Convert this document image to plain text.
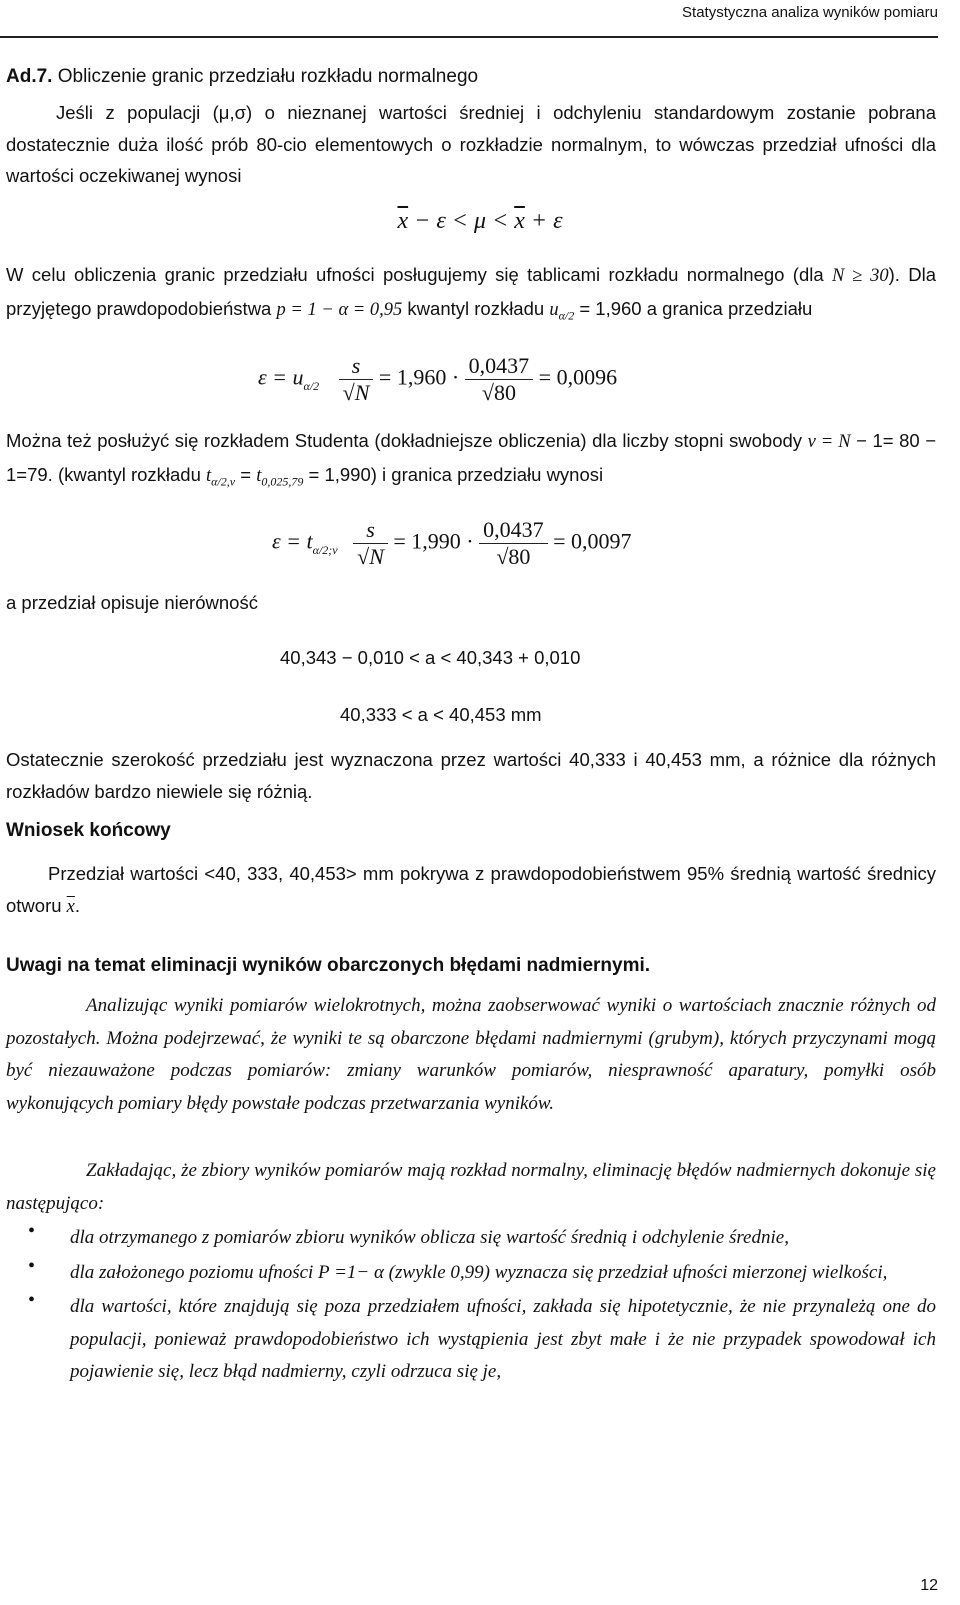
Statystyczna analiza wyników pomiaru
Ad.7. Obliczenie granic przedziału rozkładu normalnego
Jeśli z populacji (μ,σ) o nieznanej wartości średniej i odchyleniu standardowym zostanie pobrana dostatecznie duża ilość prób 80-cio elementowych o rozkładzie normalnym, to wówczas przedział ufności dla wartości oczekiwanej wynosi
$\overline{x} - \varepsilon < \mu < \overline{x} + \varepsilon$
W celu obliczenia granic przedziału ufności posługujemy się tablicami rozkładu normalnego (dla N ≥ 30). Dla przyjętego prawdopodobieństwa p = 1 − α = 0,95 kwantyl rozkładu $u_{\alpha/2} = 1,960$ a granica przedziału
$\varepsilon = u_{\alpha/2} \frac{s}{√N} = 1,960 \cdot \frac{0,0437}{√80} = 0,0096$
Można też posłużyć się rozkładem Studenta (dokładniejsze obliczenia) dla liczby stopni swobody ν = N − 1= 80 − 1=79. (kwantyl rozkładu $t_{\alpha/2,\nu} = t_{0,025,79} = 1,990$) i granica przedziału wynosi
$\varepsilon = t_{\alpha/2;\nu} \frac{s}{√N} = 1,990 \cdot \frac{0,0437}{√80} = 0,0097$
a przedział opisuje nierówność
40,343 − 0,010 < a < 40,343 + 0,010
40,333 < a < 40,453 mm
Ostatecznie szerokość przedziału jest wyznaczona przez wartości 40,333 i 40,453 mm, a różnice dla różnych rozkładów bardzo niewiele się różnią.
Wniosek końcowy
Przedział wartości <40, 333, 40,453> mm pokrywa z prawdopodobieństwem 95% średnią wartość średnicy otworu $\overline{x}$.
Uwagi na temat eliminacji wyników obarczonych błędami nadmiernymi.
Analizując wyniki pomiarów wielokrotnych, można zaobserwować wyniki o wartościach znacznie różnych od pozostałych. Można podejrzewać, że wyniki te są obarczone błędami nadmiernymi (grubym), których przyczynami mogą być niezauważone podczas pomiarów: zmiany warunków pomiarów, niesprawność aparatury, pomyłki osób wykonujących pomiary błędy powstałe podczas przetwarzania wyników.
Zakładając, że zbiory wyników pomiarów mają rozkład normalny, eliminację błędów nadmiernych dokonuje się następująco:
• dla otrzymanego z pomiarów zbioru wyników oblicza się wartość średnią i odchylenie średnie,
• dla założonego poziomu ufności P =1− α (zwykle 0,99) wyznacza się przedział ufności mierzonej wielkości,
• dla wartości, które znajdują się poza przedziałem ufności, zakłada się hipotetycznie, że nie przynależą one do populacji, ponieważ prawdopodobieństwo ich wystąpienia jest zbyt małe i że nie przypadek spowodował ich pojawienie się, lecz błąd nadmierny, czyli odrzuca się je,
12
